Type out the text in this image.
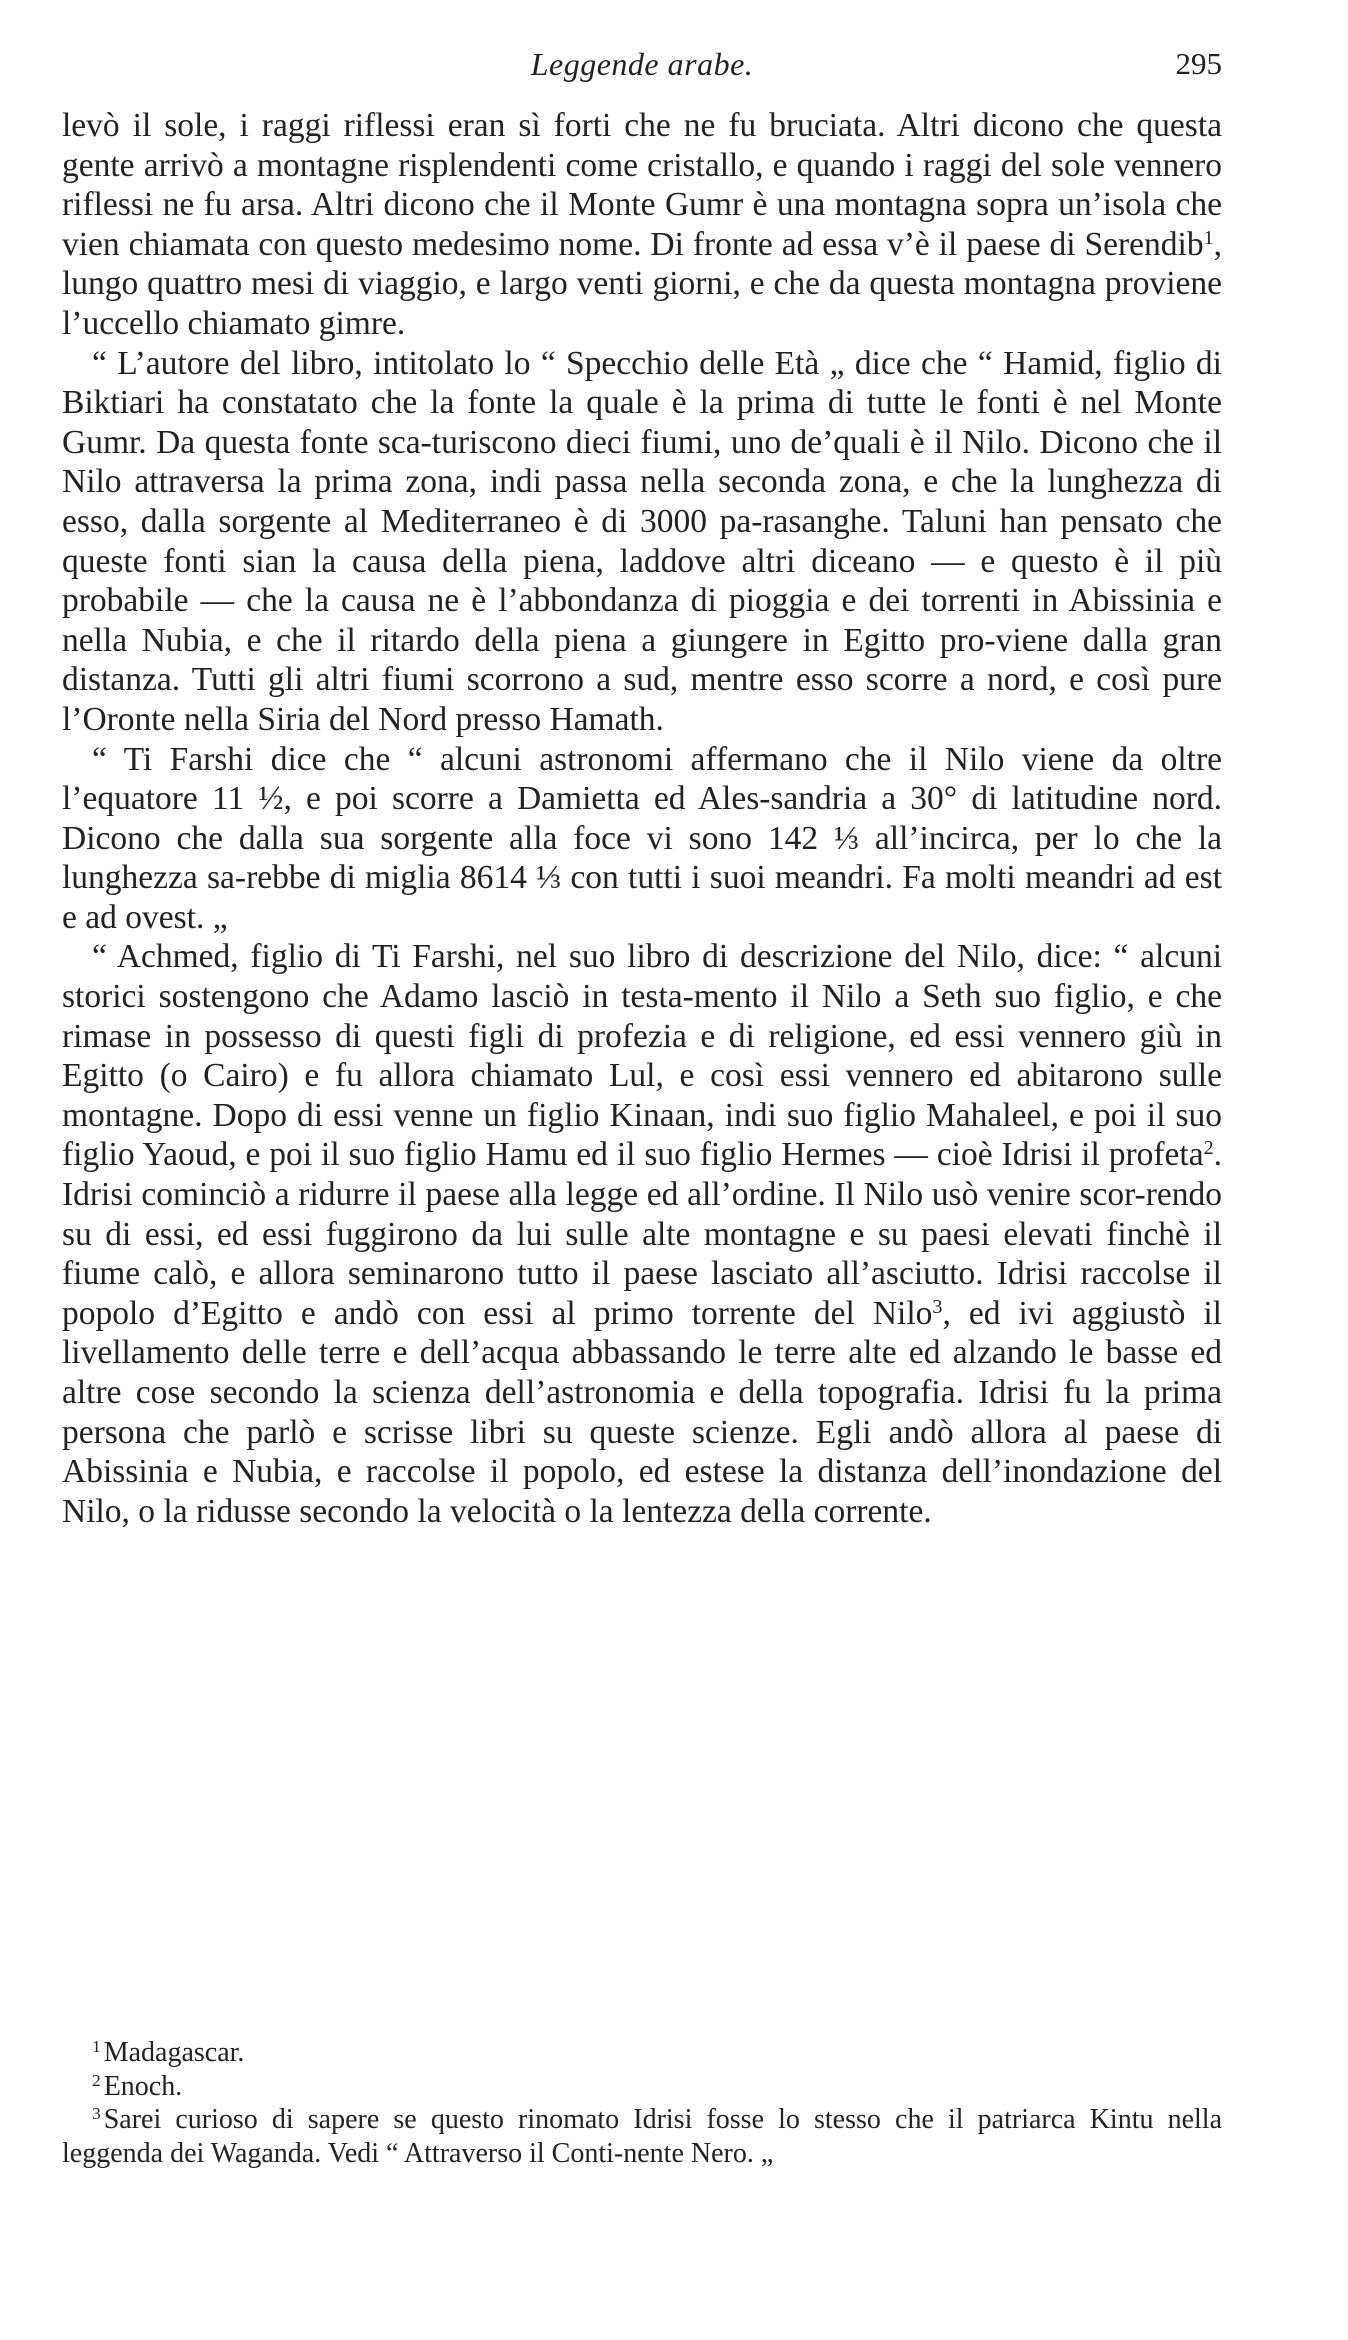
Leggende arabe.	295

levò il sole, i raggi riflessi eran sì forti che ne fu bruciata. Altri dicono che questa gente arrivò a montagne risplendenti come cristallo, e quando i raggi del sole vennero riflessi ne fu arsa. Altri dicono che il Monte Gumr è una montagna sopra un’isola che vien chiamata con questo medesimo nome. Di fronte ad essa v’è il paese di Serendib$^1$, lungo quattro mesi di viaggio, e largo venti giorni, e che da questa montagna proviene l’uccello chiamato gimre.

“ L’autore del libro, intitolato lo “ Specchio delle Età „ dice che “ Hamid, figlio di Biktiari ha constatato che la fonte la quale è la prima di tutte le fonti è nel Monte Gumr. Da questa fonte sca-turiscono dieci fiumi, uno de’quali è il Nilo. Dicono che il Nilo attraversa la prima zona, indi passa nella seconda zona, e che la lunghezza di esso, dalla sorgente al Mediterraneo è di 3000 pa-rasanghe. Taluni han pensato che queste fonti sian la causa della piena, laddove altri diceano — e questo è il più probabile — che la causa ne è l’abbondanza di pioggia e dei torrenti in Abissinia e nella Nubia, e che il ritardo della piena a giungere in Egitto pro-viene dalla gran distanza. Tutti gli altri fiumi scorrono a sud, mentre esso scorre a nord, e così pure l’Oronte nella Siria del Nord presso Hamath.

“ Ti Farshi dice che “ alcuni astronomi affermano che il Nilo viene da oltre l’equatore 11 ½, e poi scorre a Damietta ed Ales-sandria a 30° di latitudine nord. Dicono che dalla sua sorgente alla foce vi sono 142 ⅓ all’incirca, per lo che la lunghezza sa-rebbe di miglia 8614 ⅓ con tutti i suoi meandri. Fa molti meandri ad est e ad ovest. „

“ Achmed, figlio di Ti Farshi, nel suo libro di descrizione del Nilo, dice: “ alcuni storici sostengono che Adamo lasciò in testa-mento il Nilo a Seth suo figlio, e che rimase in possesso di questi figli di profezia e di religione, ed essi vennero giù in Egitto (o Cairo) e fu allora chiamato Lul, e così essi vennero ed abitarono sulle montagne. Dopo di essi venne un figlio Kinaan, indi suo figlio Mahaleel, e poi il suo figlio Yaoud, e poi il suo figlio Hamu ed il suo figlio Hermes — cioè Idrisi il profeta$^2$. Idrisi cominciò a ridurre il paese alla legge ed all’ordine. Il Nilo usò venire scor-rendo su di essi, ed essi fuggirono da lui sulle alte montagne e su paesi elevati finchè il fiume calò, e allora seminarono tutto il paese lasciato all’asciutto. Idrisi raccolse il popolo d’Egitto e andò con essi al primo torrente del Nilo$^3$, ed ivi aggiustò il livellamento delle terre e dell’acqua abbassando le terre alte ed alzando le basse ed altre cose secondo la scienza dell’astronomia e della topografia. Idrisi fu la prima persona che parlò e scrisse libri su queste scienze. Egli andò allora al paese di Abissinia e Nubia, e raccolse il popolo, ed estese la distanza dell’inondazione del Nilo, o la ridusse secondo la velocità o la lentezza della corrente.

$^1$ Madagascar.

$^2$ Enoch.

$^3$ Sarei curioso di sapere se questo rinomato Idrisi fosse lo stesso che il patriarca Kintu nella leggenda dei Waganda. Vedi “ Attraverso il Conti-nente Nero. „
